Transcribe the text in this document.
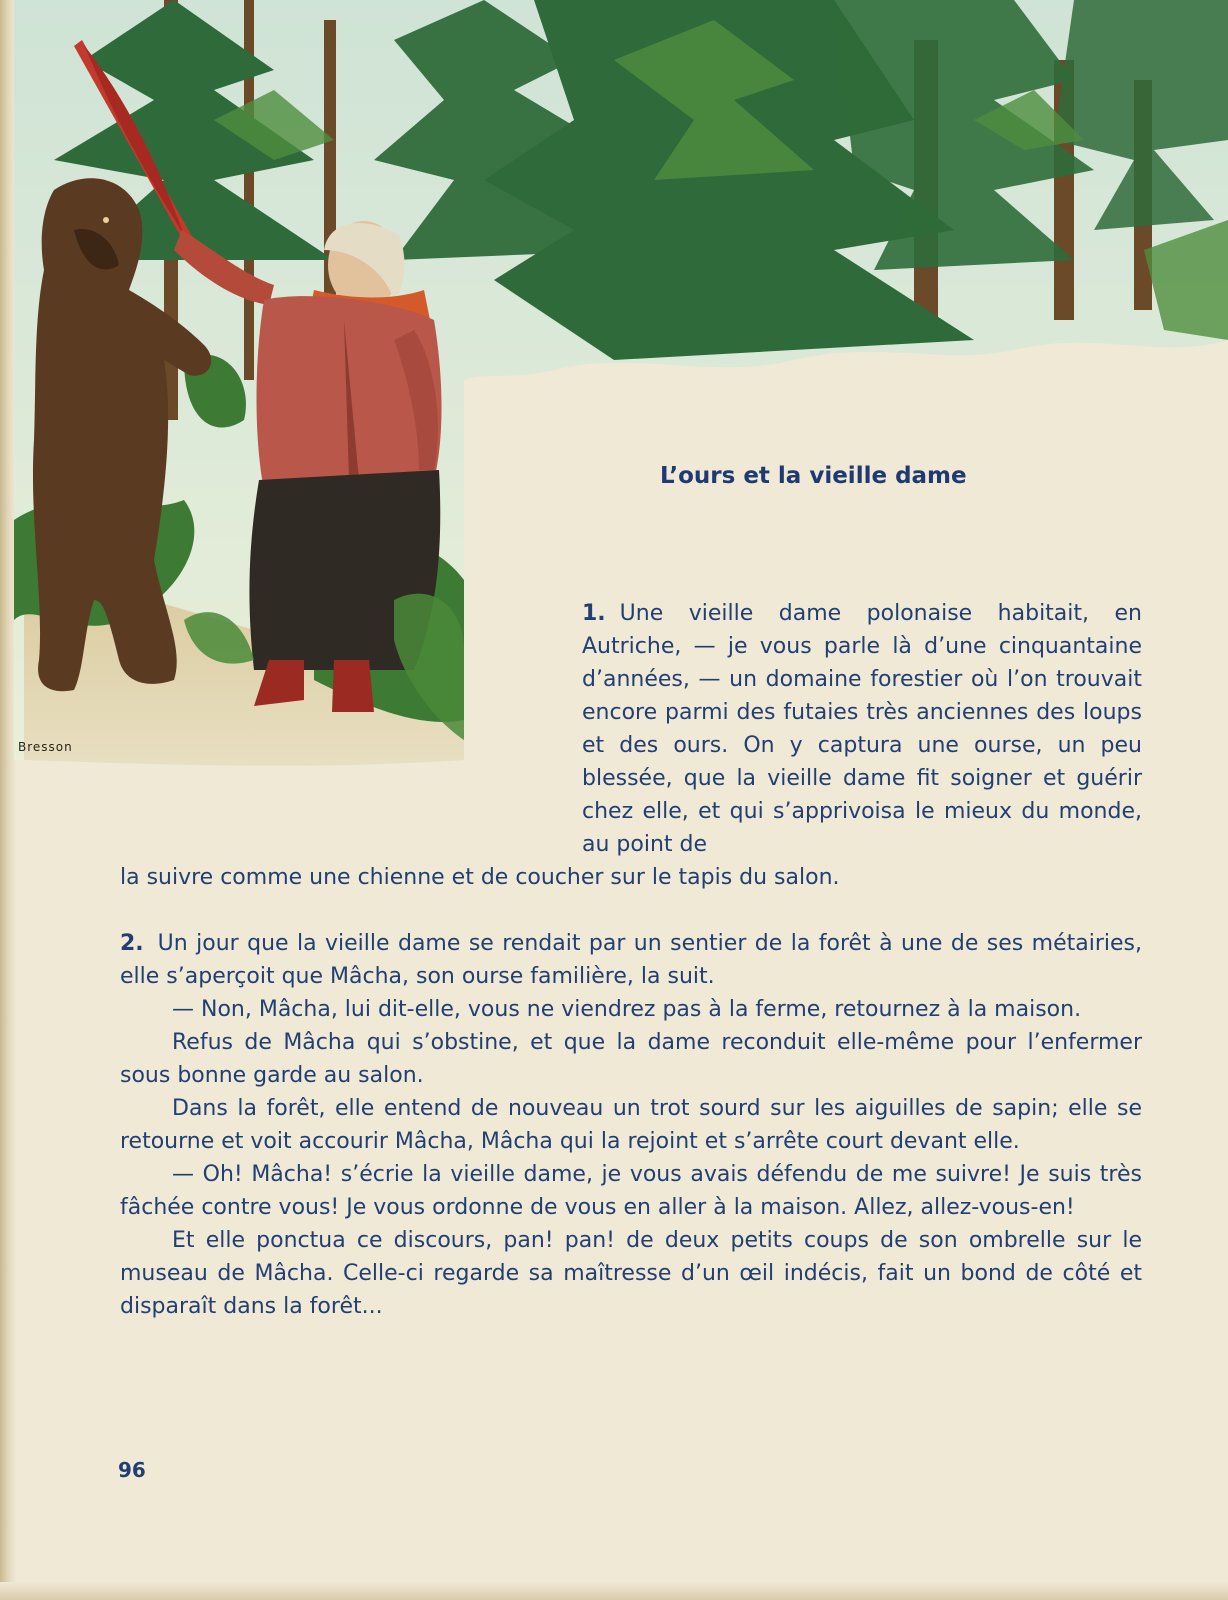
Bresson
L’ours et la vieille dame
1. Une vieille dame polonaise habitait, en Autriche, — je vous parle là d’une cinquantaine d’années, — un domaine forestier où l’on trouvait encore parmi des futaies très anciennes des loups et des ours. On y captura une ourse, un peu blessée, que la vieille dame fit soigner et guérir chez elle, et qui s’apprivoisa le mieux du monde, au point de
la suivre comme une chienne et de coucher sur le tapis du salon.

2. Un jour que la vieille dame se rendait par un sentier de la forêt à une de ses métairies, elle s’aperçoit que Mâcha, son ourse familière, la suit.

— Non, Mâcha, lui dit-elle, vous ne viendrez pas à la ferme, retournez à la maison.

Refus de Mâcha qui s’obstine, et que la dame reconduit elle-même pour l’enfermer sous bonne garde au salon.

Dans la forêt, elle entend de nouveau un trot sourd sur les aiguilles de sapin; elle se retourne et voit accourir Mâcha, Mâcha qui la rejoint et s’arrête court devant elle.

— Oh! Mâcha! s’écrie la vieille dame, je vous avais défendu de me suivre! Je suis très fâchée contre vous! Je vous ordonne de vous en aller à la maison. Allez, allez-vous-en!

Et elle ponctua ce discours, pan! pan! de deux petits coups de son ombrelle sur le museau de Mâcha. Celle-ci regarde sa maîtresse d’un œil indécis, fait un bond de côté et disparaît dans la forêt...

96
